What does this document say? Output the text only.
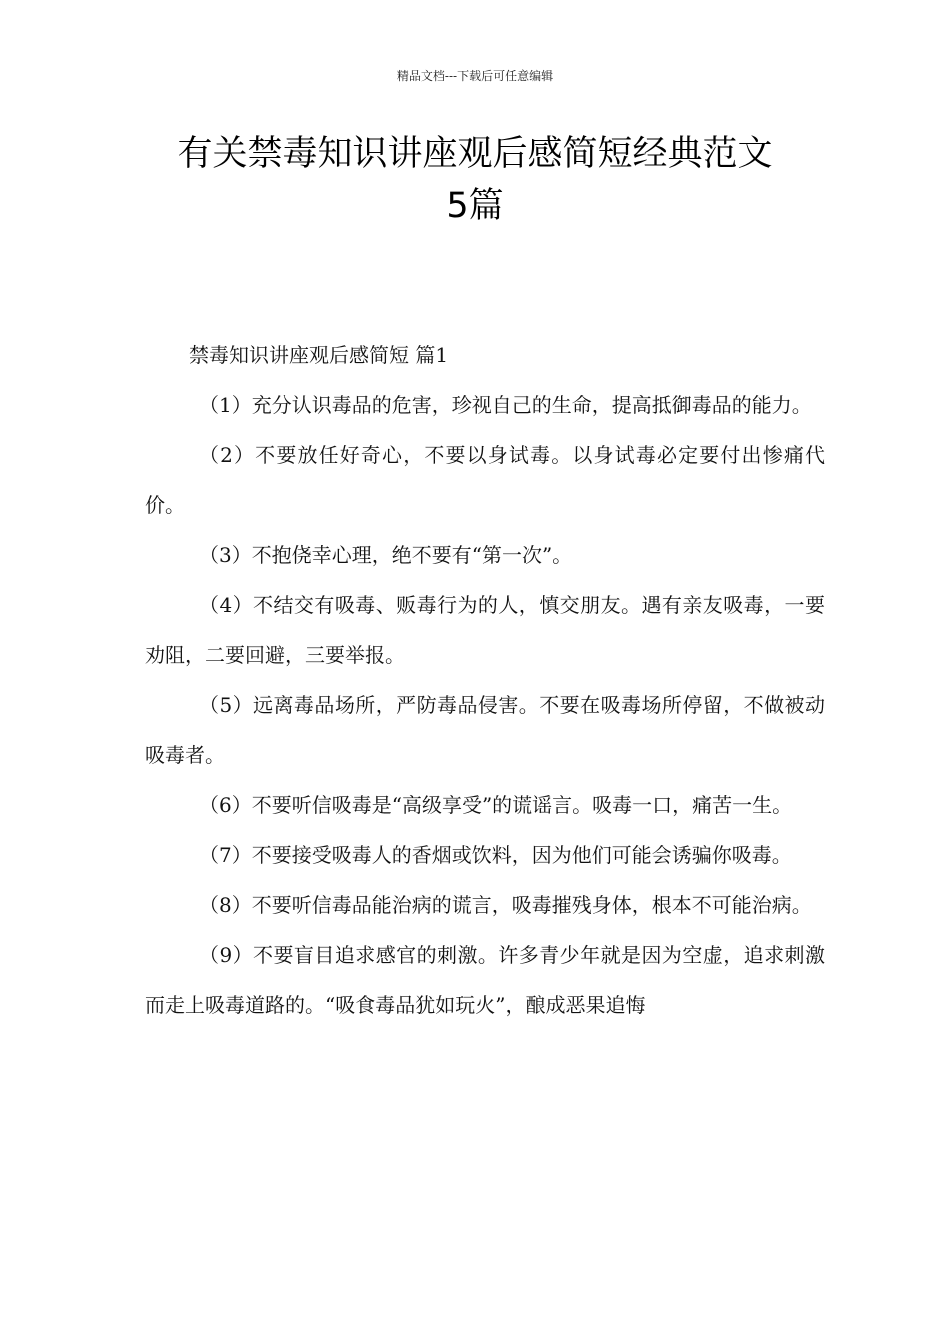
精品文档---下载后可任意编辑
有关禁毒知识讲座观后感简短经典范文
5篇

禁毒知识讲座观后感简短 篇1

（1）充分认识毒品的危害，珍视自己的生命，提高抵御毒品的能力。

（2）不要放任好奇心，不要以身试毒。以身试毒必定要付出惨痛代价。

（3）不抱侥幸心理，绝不要有“第一次”。

（4）不结交有吸毒、贩毒行为的人，慎交朋友。遇有亲友吸毒，一要劝阻，二要回避，三要举报。

（5）远离毒品场所，严防毒品侵害。不要在吸毒场所停留，不做被动吸毒者。

（6）不要听信吸毒是“高级享受”的谎谣言。吸毒一口，痛苦一生。

（7）不要接受吸毒人的香烟或饮料，因为他们可能会诱骗你吸毒。

（8）不要听信毒品能治病的谎言，吸毒摧残身体，根本不可能治病。

（9）不要盲目追求感官的刺激。许多青少年就是因为空虚，追求刺激而走上吸毒道路的。“吸食毒品犹如玩火”，酿成恶果追悔
